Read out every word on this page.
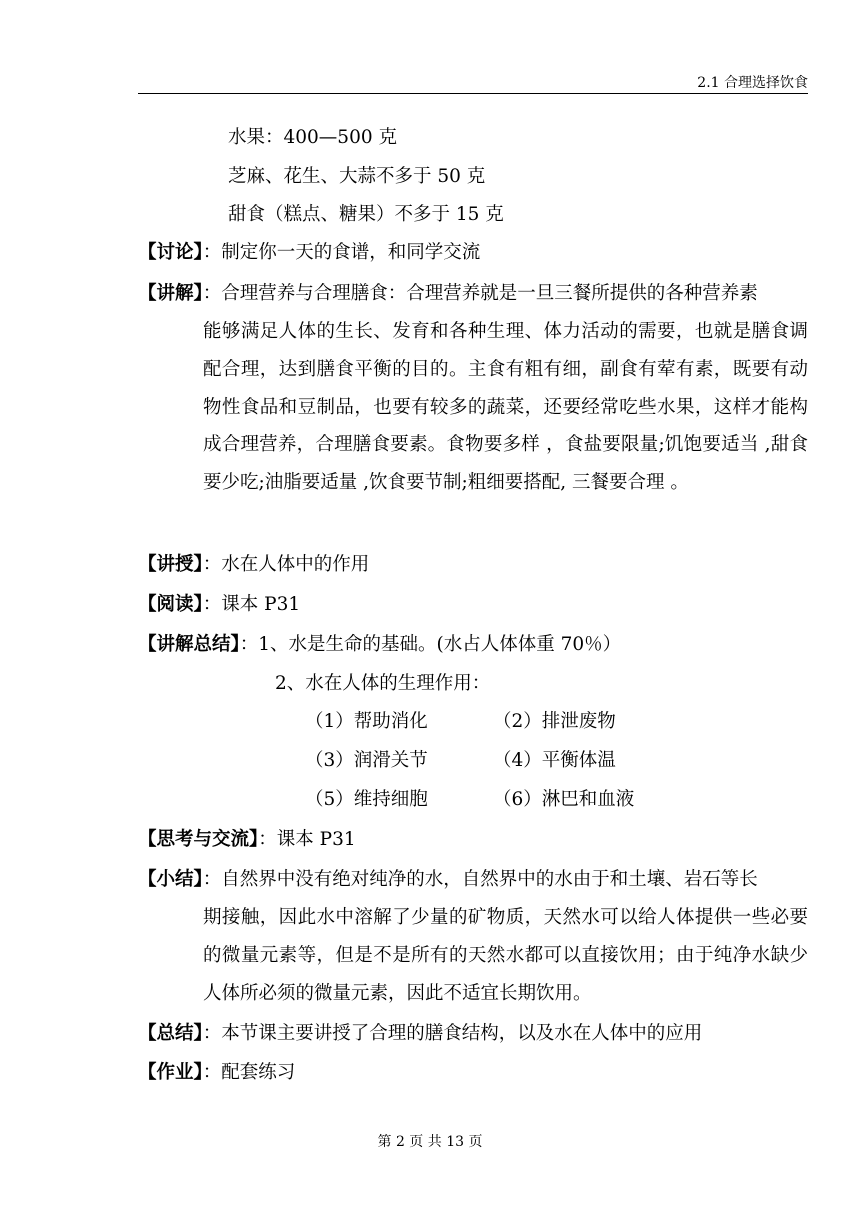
2.1 合理选择饮食
水果：400—500 克
芝麻、花生、大蒜不多于 50 克
甜食（糕点、糖果）不多于 15 克
【讨论】：制定你一天的食谱，和同学交流
【讲解】：合理营养与合理膳食：合理营养就是一旦三餐所提供的各种营养素
能够满足人体的生长、发育和各种生理、体力活动的需要，也就是膳食调配合理，达到膳食平衡的目的。主食有粗有细，副食有荤有素，既要有动物性食品和豆制品，也要有较多的蔬菜，还要经常吃些水果，这样才能构成合理营养，合理膳食要素。食物要多样 ，食盐要限量;饥饱要适当 ,甜食要少吃;油脂要适量 ,饮食要节制;粗细要搭配, 三餐要合理 。
【讲授】：水在人体中的作用
【阅读】：课本 P31
【讲解总结】：1、水是生命的基础。(水占人体体重 70％）
2、水在人体的生理作用：
（1）帮助消化	（2）排泄废物
（3）润滑关节	（4）平衡体温
（5）维持细胞	（6）淋巴和血液
【思考与交流】：课本 P31
【小结】：自然界中没有绝对纯净的水，自然界中的水由于和土壤、岩石等长
期接触，因此水中溶解了少量的矿物质，天然水可以给人体提供一些必要的微量元素等，但是不是所有的天然水都可以直接饮用；由于纯净水缺少人体所必须的微量元素，因此不适宜长期饮用。
【总结】：本节课主要讲授了合理的膳食结构，以及水在人体中的应用
【作业】：配套练习
第 2 页 共 13 页
